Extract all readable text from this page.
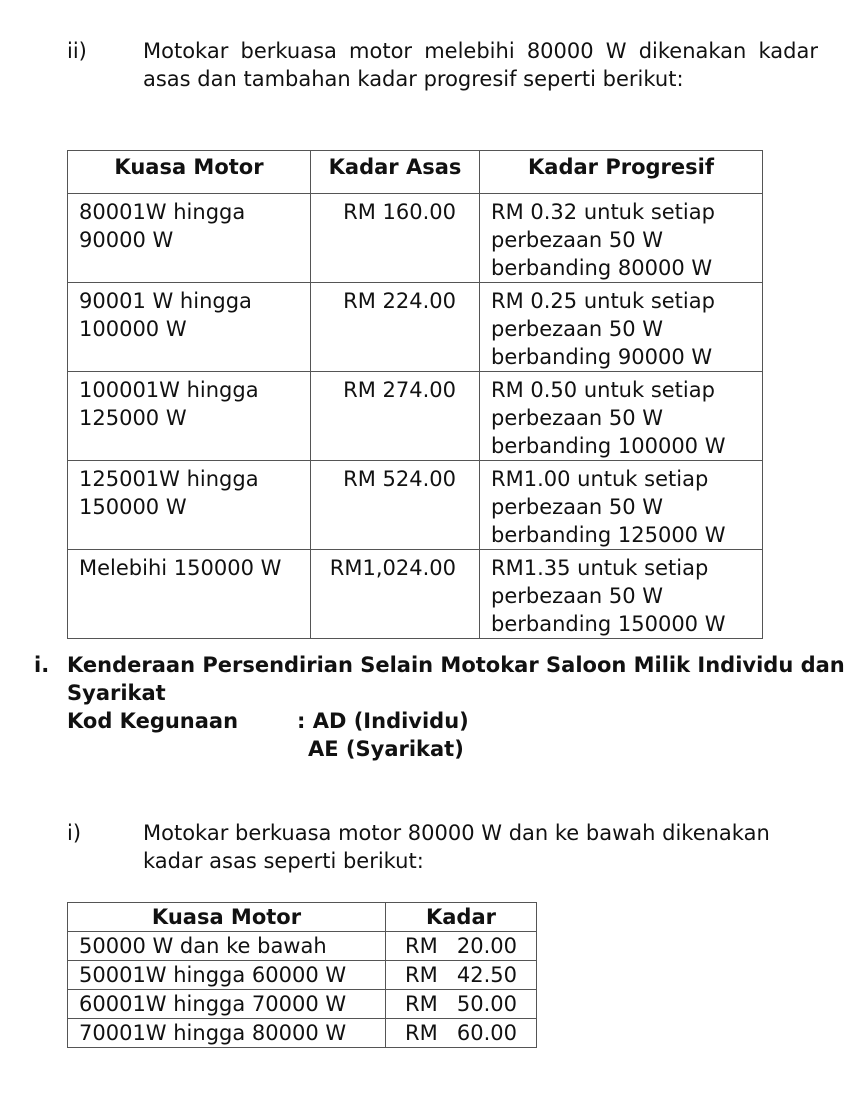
ii)	Motokar berkuasa motor melebihi 80000 W dikenakan kadar
asas dan tambahan kadar progresif seperti berikut:
Kuasa Motor	Kadar Asas	Kadar Progresif

80001W hingga
90000 W	RM 160.00	RM 0.32 untuk setiap
perbezaan 50 W
berbanding 80000 W

90001 W hingga
100000 W	RM 224.00	RM 0.25 untuk setiap
perbezaan 50 W
berbanding 90000 W

100001W hingga
125000 W	RM 274.00	RM 0.50 untuk setiap
perbezaan 50 W
berbanding 100000 W

125001W hingga
150000 W	RM 524.00	RM1.00 untuk setiap
perbezaan 50 W
berbanding 125000 W

Melebihi 150000 W	RM1,024.00	RM1.35 untuk setiap
perbezaan 50 W
berbanding 150000 W
i. Kenderaan Persendirian Selain Motokar Saloon Milik Individu dan
Syarikat
Kod Kegunaan	: AD (Individu)
AE (Syarikat)
i)	Motokar berkuasa motor 80000 W dan ke bawah dikenakan
kadar asas seperti berikut:
Kuasa Motor	Kadar
50000 W dan ke bawah	RM 20.00
50001W hingga 60000 W	RM 42.50
60001W hingga 70000 W	RM 50.00
70001W hingga 80000 W	RM 60.00
